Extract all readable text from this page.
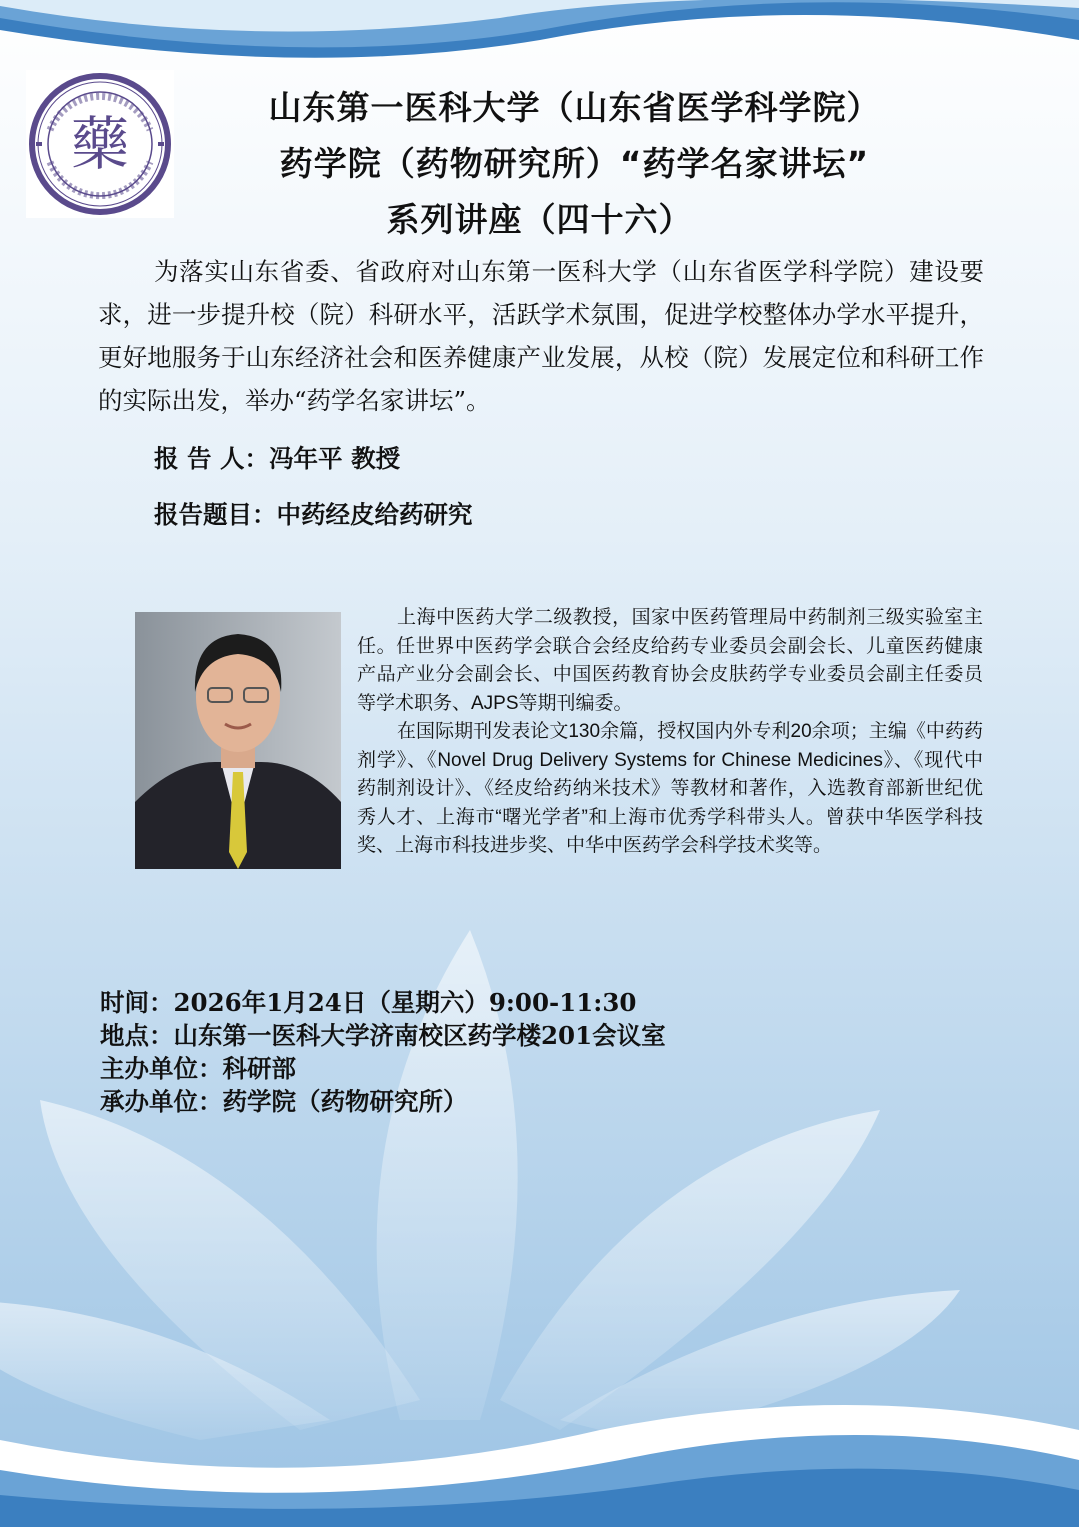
藥
山东第一医科大学（山东省医学科学院）
药学院（药物研究所）“药学名家讲坛”
系列讲座（四十六）
为落实山东省委、省政府对山东第一医科大学（山东省医学科学院）建设要求，进一步提升校（院）科研水平，活跃学术氛围，促进学校整体办学水平提升，更好地服务于山东经济社会和医养健康产业发展，从校（院）发展定位和科研工作的实际出发，举办“药学名家讲坛”。
报 告 人：冯年平 教授
报告题目：中药经皮给药研究

上海中医药大学二级教授，国家中医药管理局中药制剂三级实验室主任。任世界中医药学会联合会经皮给药专业委员会副会长、儿童医药健康产品产业分会副会长、中国医药教育协会皮肤药学专业委员会副主任委员等学术职务、AJPS等期刊编委。

在国际期刊发表论文130余篇，授权国内外专利20余项；主编《中药药剂学》、《Novel Drug Delivery Systems for Chinese Medicines》、《现代中药制剂设计》、《经皮给药纳米技术》等教材和著作，入选教育部新世纪优秀人才、上海市“曙光学者”和上海市优秀学科带头人。曾获中华医学科技奖、上海市科技进步奖、中华中医药学会科学技术奖等。

时间：2026年1月24日（星期六）9:00-11:30
地点：山东第一医科大学济南校区药学楼201会议室
主办单位：科研部
承办单位：药学院（药物研究所）
